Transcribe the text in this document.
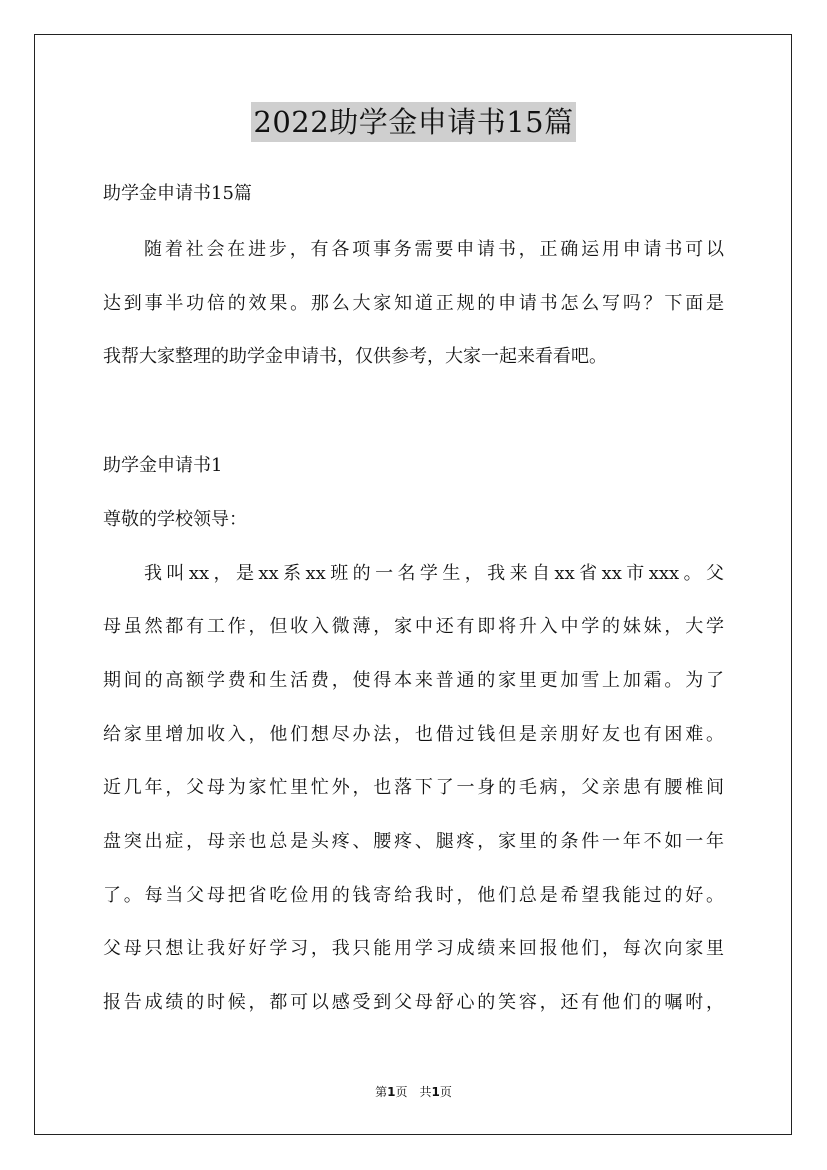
2022助学金申请书15篇
助学金申请书15篇
随着社会在进步，有各项事务需要申请书，正确运用申请书可以
达到事半功倍的效果。那么大家知道正规的申请书怎么写吗？下面是
我帮大家整理的助学金申请书，仅供参考，大家一起来看看吧。
助学金申请书1
尊敬的学校领导：
我叫xx，是xx系xx班的一名学生，我来自xx省xx市xxx。父
母虽然都有工作，但收入微薄，家中还有即将升入中学的妹妹，大学
期间的高额学费和生活费，使得本来普通的家里更加雪上加霜。为了
给家里增加收入，他们想尽办法，也借过钱但是亲朋好友也有困难。
近几年，父母为家忙里忙外，也落下了一身的毛病，父亲患有腰椎间
盘突出症，母亲也总是头疼、腰疼、腿疼，家里的条件一年不如一年
了。每当父母把省吃俭用的钱寄给我时，他们总是希望我能过的好。
父母只想让我好好学习，我只能用学习成绩来回报他们，每次向家里
报告成绩的时候，都可以感受到父母舒心的笑容，还有他们的嘱咐，
第1页　共1页
